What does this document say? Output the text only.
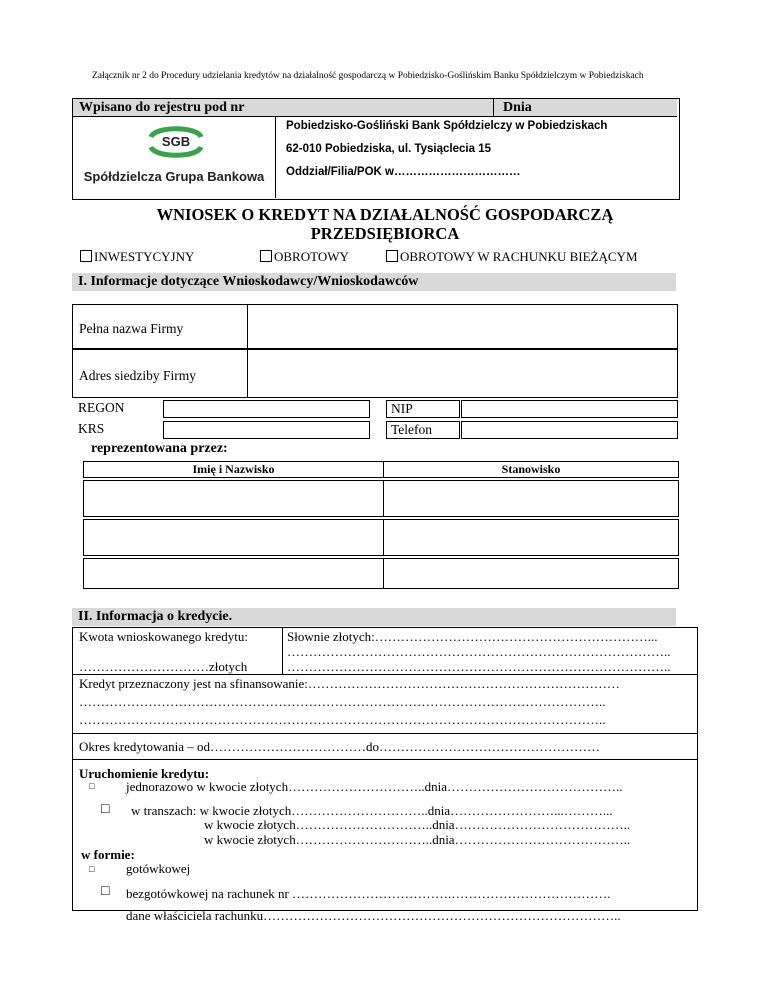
Załącznik nr 2 do Procedury udzielania kredytów na działalność gospodarczą w Pobiedzisko-Goślińskim Banku Spółdzielczym w Pobiedziskach
Wpisano do rejestru pod nr	Dnia
SGB
Spółdzielcza Grupa Bankowa
Pobiedzisko-Gośliński Bank Spółdzielczy w Pobiedziskach
62-010 Pobiedziska, ul. Tysiąclecia 15
Oddział/Filia/POK w……………………………
WNIOSEK O KREDYT NA DZIAŁALNOŚĆ GOSPODARCZĄ
PRZEDSIĘBIORCA
INWESTYCYJNY	OBROTOWY	OBROTOWY W RACHUNKU BIEŻĄCYM
I. Informacje dotyczące Wnioskodawcy/Wnioskodawców
Pełna nazwa Firmy
Adres siedziby Firmy
REGON	NIP
KRS	Telefon
reprezentowana przez:
Imię i Nazwisko	Stanowisko
II. Informacja o kredycie.
Kwota wnioskowanego kredytu:
…………………………złotych
Słownie złotych:………………………………………………………...
……………………………………………………………………………..
……………………………………………………………………………..
Kredyt przeznaczony jest na sfinansowanie:………………………………………………………………
…………………………………………………………………………………………………………..
…………………………………………………………………………………………………………..
Okres kredytowania – od………………………………do……………………………………………
Uruchomienie kredytu:
□ jednorazowo w kwocie złotych…………………………..dnia…………………………………..
□ w transzach: w kwocie złotych…………………………..dnia……………………...………...
w kwocie złotych…………………………..dnia…………………………………..
w kwocie złotych…………………………..dnia…………………………………..
w formie:
□ gotówkowej
□ bezgotówkowej na rachunek nr ……………………………….……………………………….
dane właściciela rachunku………………………………………………………………………..
